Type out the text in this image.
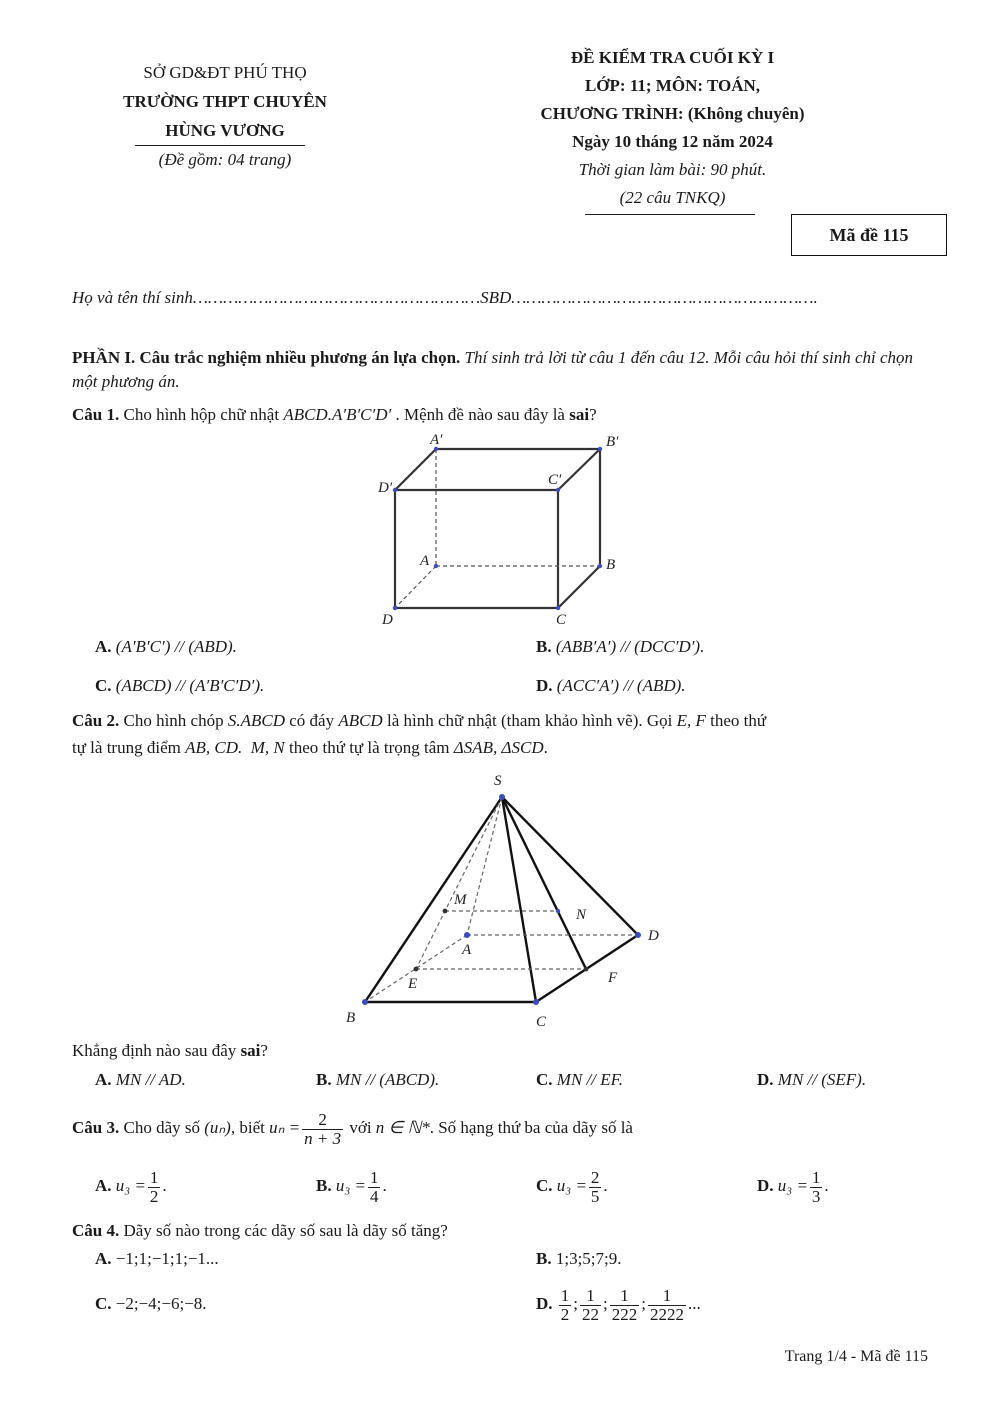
SỞ GD&ĐT PHÚ THỌ
TRƯỜNG THPT CHUYÊN
HÙNG VƯƠNG
(Đề gồm: 04 trang)
ĐỀ KIỂM TRA CUỐI KỲ I
LỚP: 11; MÔN: TOÁN,
CHƯƠNG TRÌNH: (Không chuyên)
Ngày 10 tháng 12 năm 2024
Thời gian làm bài: 90 phút.
(22 câu TNKQ)
Mã đề 115
Họ và tên thí sinh…………………………………………………SBD…………………………………………………….
PHẦN I. Câu trắc nghiệm nhiều phương án lựa chọn. Thí sinh trả lời từ câu 1 đến câu 12. Mỗi câu hỏi thí sinh chỉ chọn một phương án.
Câu 1. Cho hình hộp chữ nhật ABCD.A′B′C′D′ . Mệnh đề nào sau đây là sai?
A′	B′
D′	C′
A	B
D	C
A. (A′B′C′) // (ABD).	B. (ABB′A′) // (DCC′D′).
C. (ABCD) // (A′B′C′D′).	D. (ACC′A′) // (ABD).
Câu 2. Cho hình chóp S.ABCD có đáy ABCD là hình chữ nhật (tham khảo hình vẽ). Gọi E, F theo thứ
tự là trung điểm AB, CD. M, N theo thứ tự là trọng tâm ΔSAB, ΔSCD.
S
M
N
A
D
E	F
B	C
Khẳng định nào sau đây sai?
A. MN // AD.	B. MN // (ABCD).	C. MN // EF.	D. MN // (SEF).
Câu 3. Cho dãy số (uₙ), biết $u_n = \frac{2}{n + 3}$ với n ∈ ℕ*. Số hạng thứ ba của dãy số là
A. $u_3 = \frac{1}{2}$ .	B. $u_3 = \frac{1}{4}$ .	C. $u_3 = \frac{2}{5}$ .	D. $u_3 = \frac{1}{3}$ .
Câu 4. Dãy số nào trong các dãy số sau là dãy số tăng?
A. −1;1;−1;1;−1...	B. 1;3;5;7;9.
C. −2;−4;−6;−8.	D. $\frac{1}{2}$ ; $\frac{1}{22}$ ; $\frac{1}{222}$ ; $\frac{1}{2222}$ ...
Trang 1/4 - Mã đề 115
